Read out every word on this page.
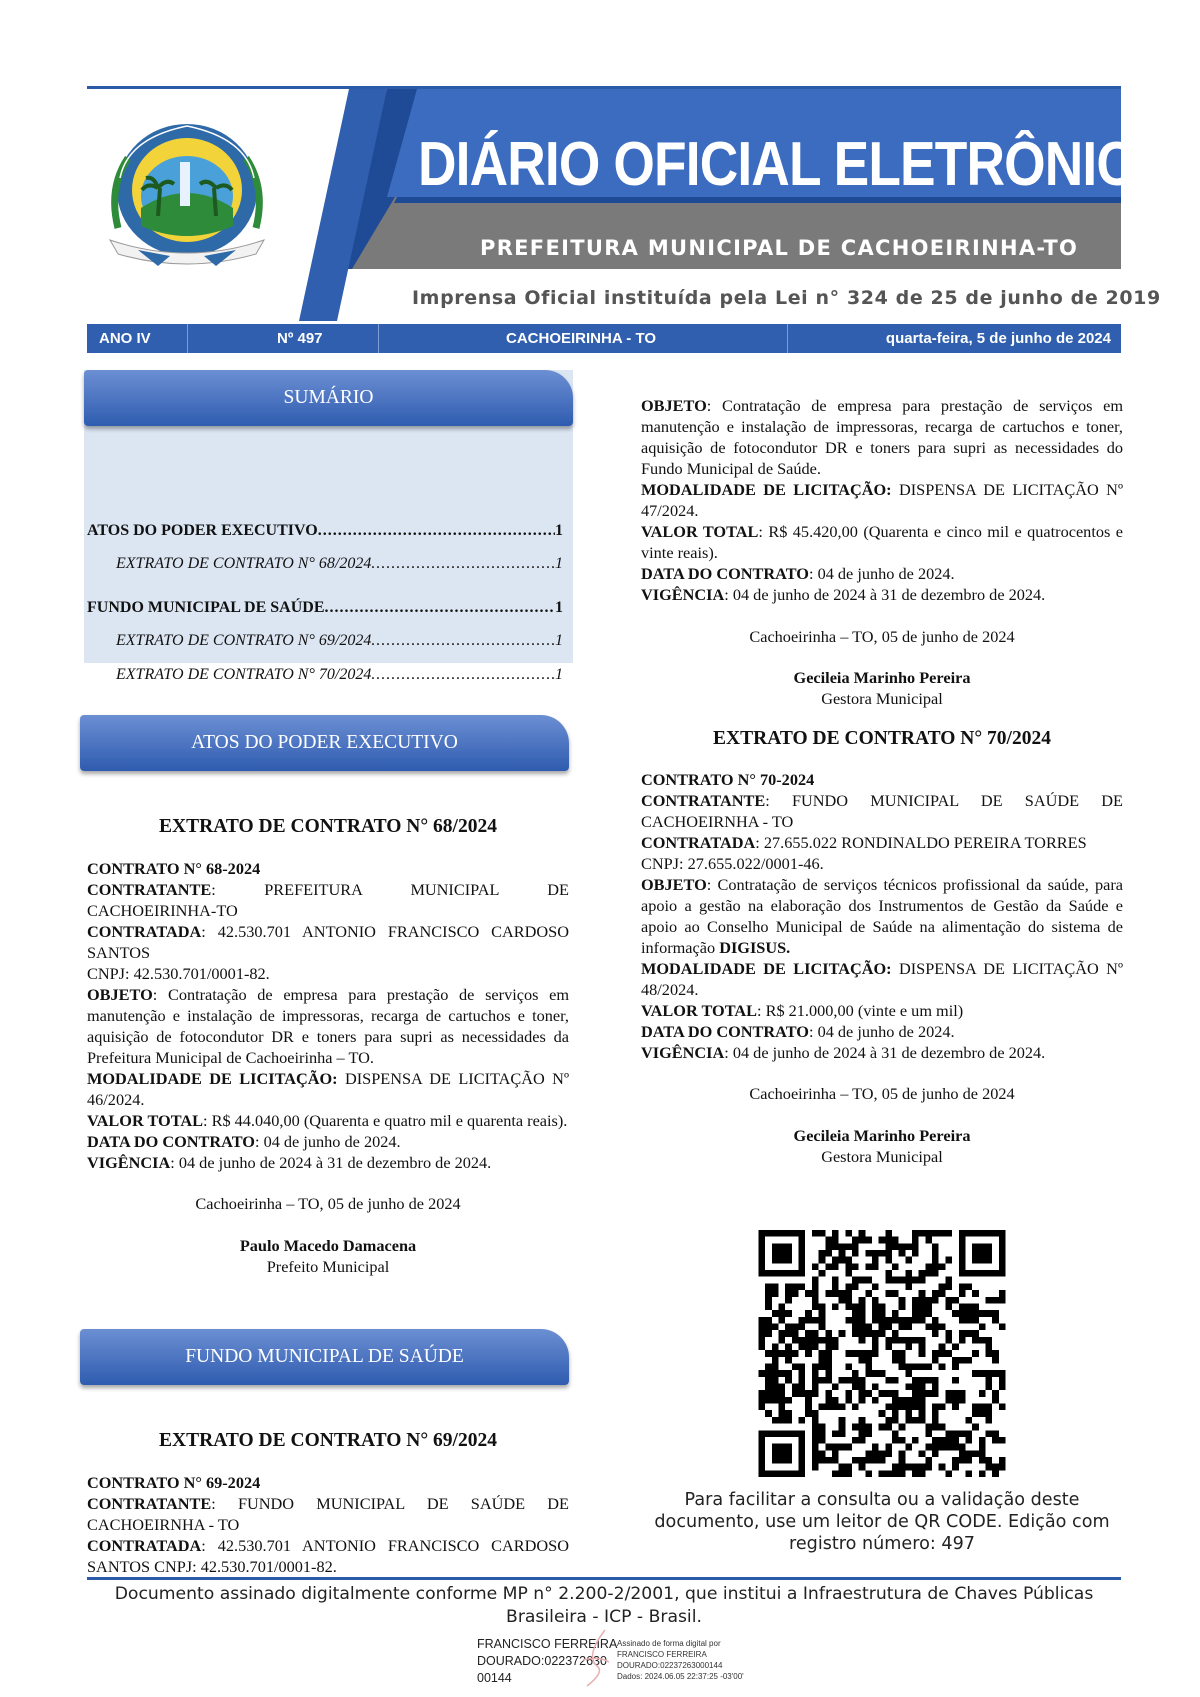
DIÁRIO OFICIAL ELETRÔNICO
PREFEITURA MUNICIPAL DE CACHOEIRINHA-TO
Imprensa Oficial instituída pela Lei n° 324 de 25 de junho de 2019
ANO IV	Nº 497	CACHOEIRINHA - TO	quarta-feira, 5 de junho de 2024
SUMÁRIO
ATOS DO PODER EXECUTIVO .....	1
EXTRATO DE CONTRATO N° 68/2024 .....	1
FUNDO MUNICIPAL DE SAÚDE .....	1
EXTRATO DE CONTRATO N° 69/2024 .....	1
EXTRATO DE CONTRATO N° 70/2024 .....	1
ATOS DO PODER EXECUTIVO
EXTRATO DE CONTRATO N° 68/2024
CONTRATO N° 68-2024
CONTRATANTE: PREFEITURA MUNICIPAL DE CACHOEIRINHA-TO
CONTRATADA: 42.530.701 ANTONIO FRANCISCO CARDOSO SANTOS
CNPJ: 42.530.701/0001-82.
OBJETO: Contratação de empresa para prestação de serviços em manutenção e instalação de impressoras, recarga de cartuchos e toner, aquisição de fotocondutor DR e toners para supri as necessidades da Prefeitura Municipal de Cachoeirinha – TO.
MODALIDADE DE LICITAÇÃO: DISPENSA DE LICITAÇÃO Nº 46/2024.
VALOR TOTAL: R$ 44.040,00 (Quarenta e quatro mil e quarenta reais).
DATA DO CONTRATO: 04 de junho de 2024.
VIGÊNCIA: 04 de junho de 2024 à 31 de dezembro de 2024.
Cachoeirinha – TO, 05 de junho de 2024
Paulo Macedo Damacena
Prefeito Municipal
FUNDO MUNICIPAL DE SAÚDE
EXTRATO DE CONTRATO N° 69/2024
CONTRATO N° 69-2024
CONTRATANTE: FUNDO MUNICIPAL DE SAÚDE DE CACHOEIRNHA - TO
CONTRATADA: 42.530.701 ANTONIO FRANCISCO CARDOSO SANTOS CNPJ: 42.530.701/0001-82.
OBJETO: Contratação de empresa para prestação de serviços em manutenção e instalação de impressoras, recarga de cartuchos e toner, aquisição de fotocondutor DR e toners para supri as necessidades do Fundo Municipal de Saúde.
MODALIDADE DE LICITAÇÃO: DISPENSA DE LICITAÇÃO Nº 47/2024.
VALOR TOTAL: R$ 45.420,00 (Quarenta e cinco mil e quatrocentos e vinte reais).
DATA DO CONTRATO: 04 de junho de 2024.
VIGÊNCIA: 04 de junho de 2024 à 31 de dezembro de 2024.
Cachoeirinha – TO, 05 de junho de 2024
Gecileia Marinho Pereira
Gestora Municipal
EXTRATO DE CONTRATO N° 70/2024
CONTRATO N° 70-2024
CONTRATANTE: FUNDO MUNICIPAL DE SAÚDE DE CACHOEIRNHA - TO
CONTRATADA: 27.655.022 RONDINALDO PEREIRA TORRES
CNPJ: 27.655.022/0001-46.
OBJETO: Contratação de serviços técnicos profissional da saúde, para apoio a gestão na elaboração dos Instrumentos de Gestão da Saúde e apoio ao Conselho Municipal de Saúde na alimentação do sistema de informação DIGISUS.
MODALIDADE DE LICITAÇÃO: DISPENSA DE LICITAÇÃO Nº 48/2024.
VALOR TOTAL: R$ 21.000,00 (vinte e um mil)
DATA DO CONTRATO: 04 de junho de 2024.
VIGÊNCIA: 04 de junho de 2024 à 31 de dezembro de 2024.
Cachoeirinha – TO, 05 de junho de 2024
Gecileia Marinho Pereira
Gestora Municipal
Para facilitar a consulta ou a validação deste documento, use um leitor de QR CODE. Edição com registro número: 497
Documento assinado digitalmente conforme MP n° 2.200-2/2001, que institui a Infraestrutura de Chaves Públicas Brasileira - ICP - Brasil.
FRANCISCO FERREIRA
DOURADO:022372630
00144
Assinado de forma digital por
FRANCISCO FERREIRA
DOURADO:02237263000144
Dados: 2024.06.05 22:37:25 -03'00'
